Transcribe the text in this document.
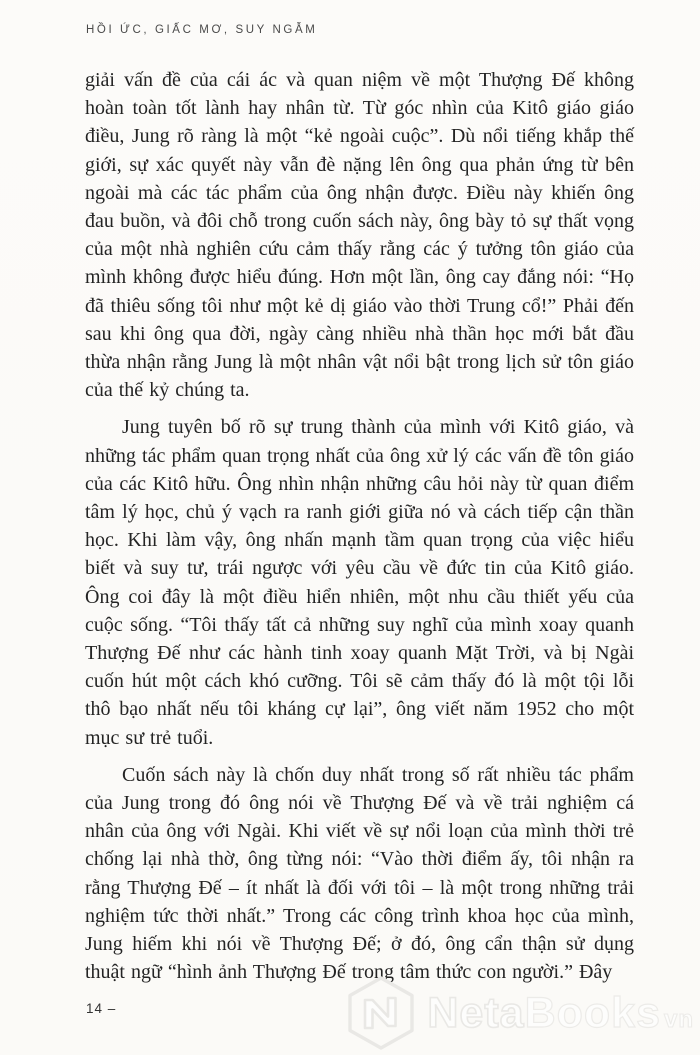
HỒI ỨC, GIẤC MƠ, SUY NGẪM

giải vấn đề của cái ác và quan niệm về một Thượng Đế không hoàn toàn tốt lành hay nhân từ. Từ góc nhìn của Kitô giáo giáo điều, Jung rõ ràng là một “kẻ ngoài cuộc”. Dù nổi tiếng khắp thế giới, sự xác quyết này vẫn đè nặng lên ông qua phản ứng từ bên ngoài mà các tác phẩm của ông nhận được. Điều này khiến ông đau buồn, và đôi chỗ trong cuốn sách này, ông bày tỏ sự thất vọng của một nhà nghiên cứu cảm thấy rằng các ý tưởng tôn giáo của mình không được hiểu đúng. Hơn một lần, ông cay đắng nói: “Họ đã thiêu sống tôi như một kẻ dị giáo vào thời Trung cổ!” Phải đến sau khi ông qua đời, ngày càng nhiều nhà thần học mới bắt đầu thừa nhận rằng Jung là một nhân vật nổi bật trong lịch sử tôn giáo của thế kỷ chúng ta.

Jung tuyên bố rõ sự trung thành của mình với Kitô giáo, và những tác phẩm quan trọng nhất của ông xử lý các vấn đề tôn giáo của các Kitô hữu. Ông nhìn nhận những câu hỏi này từ quan điểm tâm lý học, chủ ý vạch ra ranh giới giữa nó và cách tiếp cận thần học. Khi làm vậy, ông nhấn mạnh tầm quan trọng của việc hiểu biết và suy tư, trái ngược với yêu cầu về đức tin của Kitô giáo. Ông coi đây là một điều hiển nhiên, một nhu cầu thiết yếu của cuộc sống. “Tôi thấy tất cả những suy nghĩ của mình xoay quanh Thượng Đế như các hành tinh xoay quanh Mặt Trời, và bị Ngài cuốn hút một cách khó cưỡng. Tôi sẽ cảm thấy đó là một tội lỗi thô bạo nhất nếu tôi kháng cự lại”, ông viết năm 1952 cho một mục sư trẻ tuổi.

Cuốn sách này là chốn duy nhất trong số rất nhiều tác phẩm của Jung trong đó ông nói về Thượng Đế và về trải nghiệm cá nhân của ông với Ngài. Khi viết về sự nổi loạn của mình thời trẻ chống lại nhà thờ, ông từng nói: “Vào thời điểm ấy, tôi nhận ra rằng Thượng Đế – ít nhất là đối với tôi – là một trong những trải nghiệm tức thời nhất.” Trong các công trình khoa học của mình, Jung hiếm khi nói về Thượng Đế; ở đó, ông cẩn thận sử dụng thuật ngữ “hình ảnh Thượng Đế trong tâm thức con người.” Đây

14 –	NetaBooks vn
